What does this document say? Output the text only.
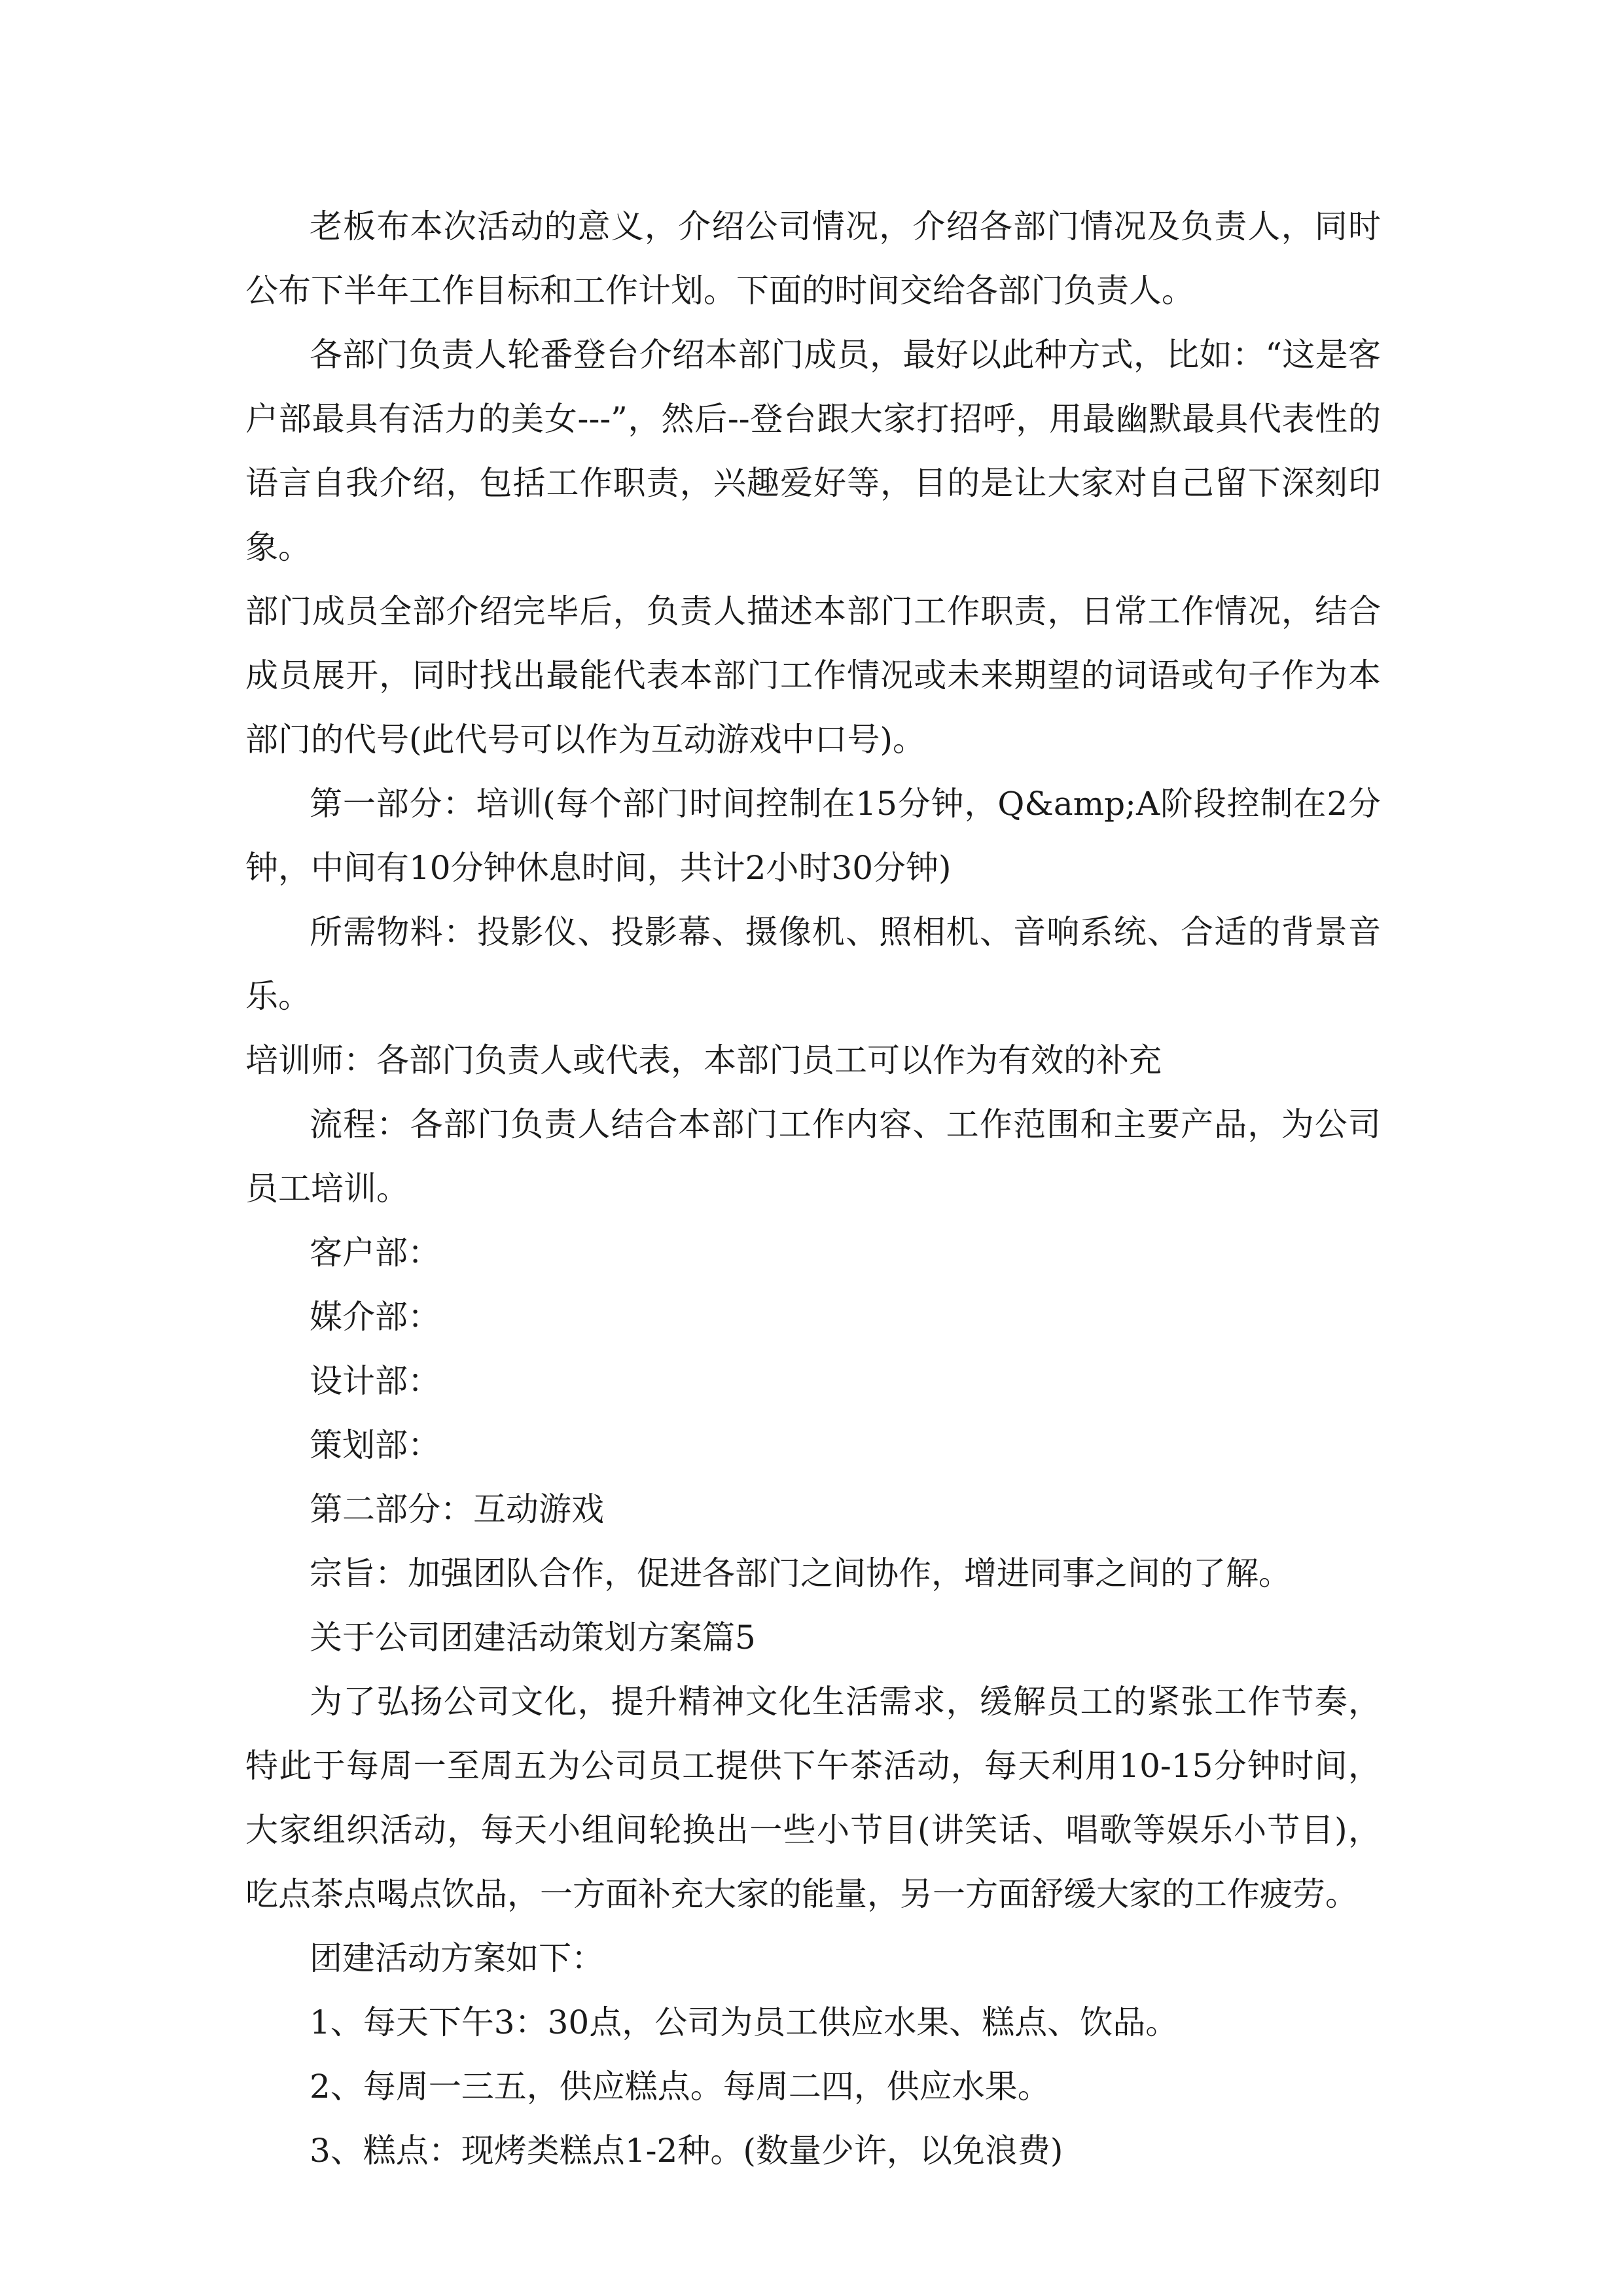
老板布本次活动的意义，介绍公司情况，介绍各部门情况及负责人，同时公布下半年工作目标和工作计划。下面的时间交给各部门负责人。

各部门负责人轮番登台介绍本部门成员，最好以此种方式，比如：“这是客户部最具有活力的美女---”，然后--登台跟大家打招呼，用最幽默最具代表性的语言自我介绍，包括工作职责，兴趣爱好等，目的是让大家对自己留下深刻印象。

部门成员全部介绍完毕后，负责人描述本部门工作职责，日常工作情况，结合成员展开，同时找出最能代表本部门工作情况或未来期望的词语或句子作为本部门的代号(此代号可以作为互动游戏中口号)。

第一部分：培训(每个部门时间控制在15分钟，Q&amp;A阶段控制在2分钟，中间有10分钟休息时间，共计2小时30分钟)

所需物料：投影仪、投影幕、摄像机、照相机、音响系统、合适的背景音乐。

培训师：各部门负责人或代表，本部门员工可以作为有效的补充

流程：各部门负责人结合本部门工作内容、工作范围和主要产品，为公司员工培训。

客户部：

媒介部：

设计部：

策划部：

第二部分：互动游戏

宗旨：加强团队合作，促进各部门之间协作，增进同事之间的了解。

关于公司团建活动策划方案篇5

为了弘扬公司文化，提升精神文化生活需求，缓解员工的紧张工作节奏，特此于每周一至周五为公司员工提供下午茶活动，每天利用10-15分钟时间，大家组织活动，每天小组间轮换出一些小节目(讲笑话、唱歌等娱乐小节目)，吃点茶点喝点饮品，一方面补充大家的能量，另一方面舒缓大家的工作疲劳。

团建活动方案如下：

1、每天下午3：30点，公司为员工供应水果、糕点、饮品。

2、每周一三五，供应糕点。每周二四，供应水果。

3、糕点：现烤类糕点1-2种。(数量少许，以免浪费)
